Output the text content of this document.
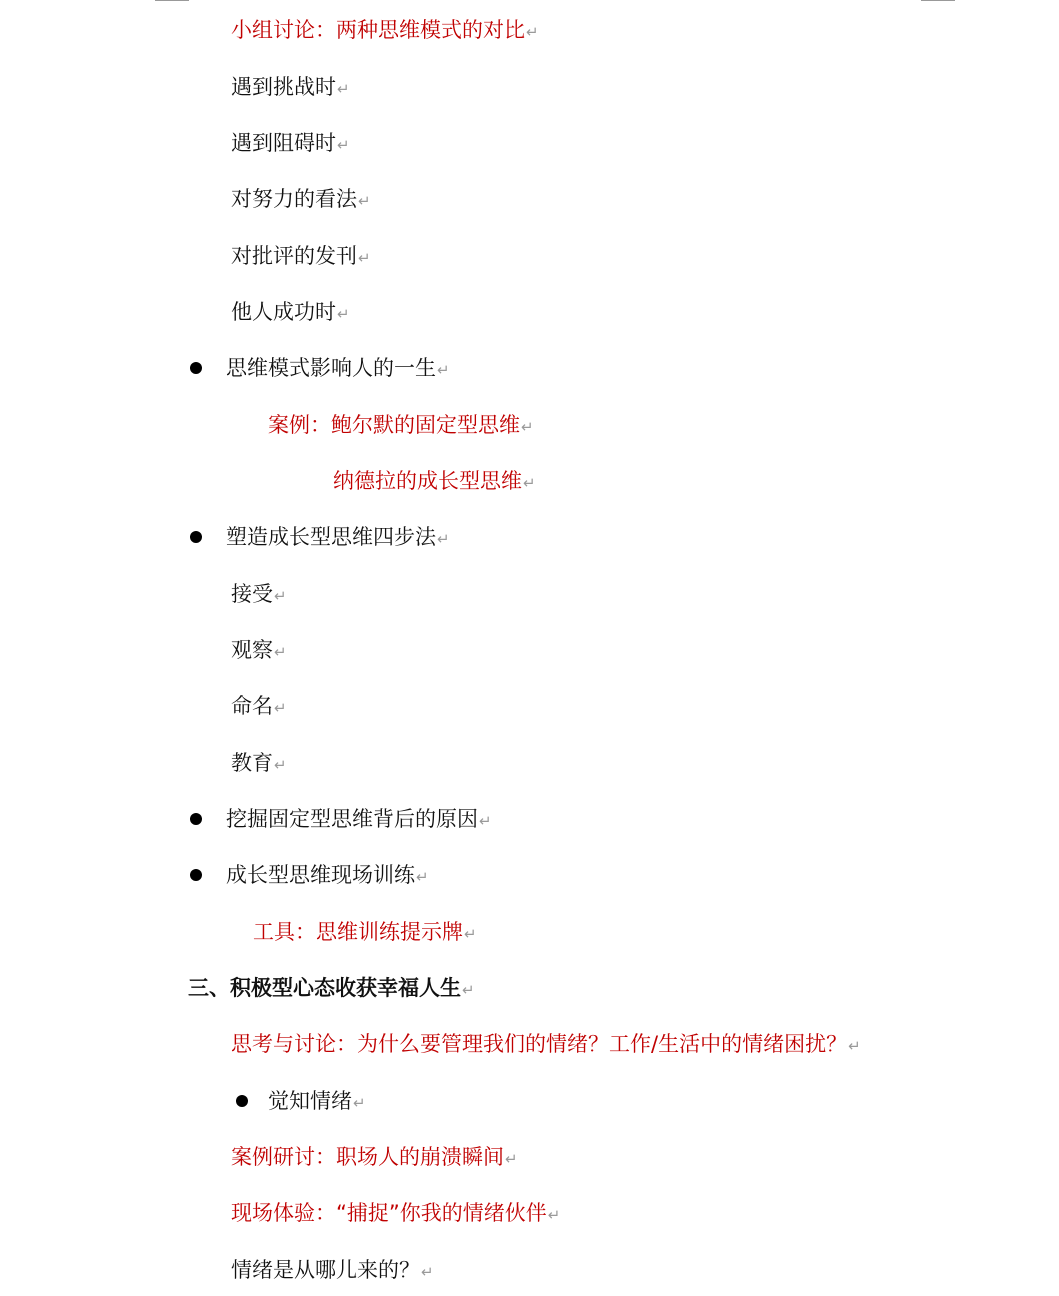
小组讨论：两种思维模式的对比↵
遇到挑战时↵
遇到阻碍时↵
对努力的看法↵
对批评的发刊↵
他人成功时↵
思维模式影响人的一生↵
案例：鲍尔默的固定型思维↵
纳德拉的成长型思维↵
塑造成长型思维四步法↵
接受↵
观察↵
命名↵
教育↵
挖掘固定型思维背后的原因↵
成长型思维现场训练↵
工具：思维训练提示牌↵
三、积极型心态收获幸福人生↵
思考与讨论：为什么要管理我们的情绪？工作/生活中的情绪困扰？↵
觉知情绪↵
案例研讨：职场人的崩溃瞬间↵
现场体验：“捕捉”你我的情绪伙伴↵
情绪是从哪儿来的？↵
